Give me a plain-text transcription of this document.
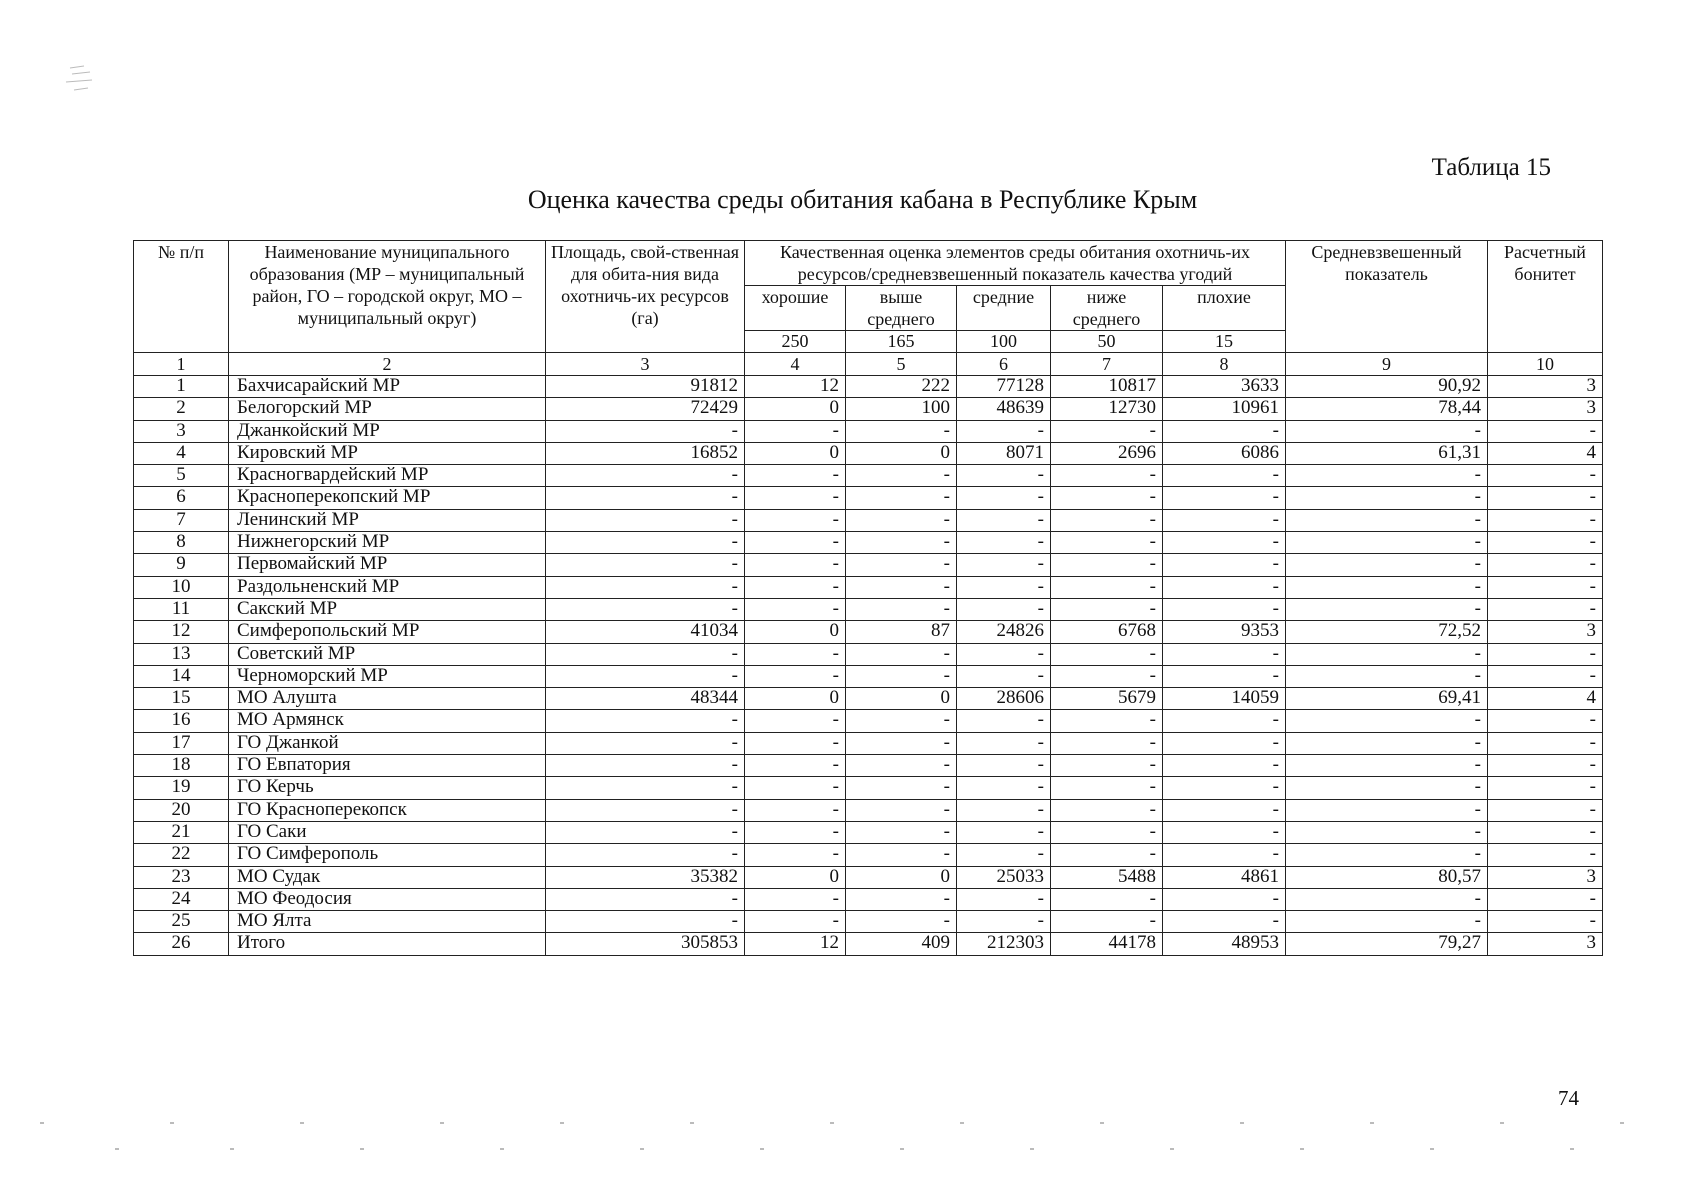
Таблица 15
Оценка качества среды обитания кабана в Республике Крым
№ п/п	Наименование муниципального образования (МР – муниципальный район, ГО – городской округ, МО – муниципальный округ)	Площадь, свой-ственная для обита-ния вида охотничь-их ресурсов (га)	Качественная оценка элементов среды обитания охотничь-их ресурсов/средневзвешенный показатель качества угодий					Средневзвешенный показатель	Расчетный бонитет
			хорошие	выше среднего	средние	ниже среднего	плохие		
			250	165	100	50	15		
1	2	3	4	5	6	7	8	9	10
1	Бахчисарайский МР	91812	12	222	77128	10817	3633	90,92	3
2	Белогорский МР	72429	0	100	48639	12730	10961	78,44	3
3	Джанкойский МР	-	-	-	-	-	-	-	-
4	Кировский МР	16852	0	0	8071	2696	6086	61,31	4
5	Красногвардейский МР	-	-	-	-	-	-	-	-
6	Красноперекопский МР	-	-	-	-	-	-	-	-
7	Ленинский МР	-	-	-	-	-	-	-	-
8	Нижнегорский МР	-	-	-	-	-	-	-	-
9	Первомайский МР	-	-	-	-	-	-	-	-
10	Раздольненский МР	-	-	-	-	-	-	-	-
11	Сакский МР	-	-	-	-	-	-	-	-
12	Симферопольский МР	41034	0	87	24826	6768	9353	72,52	3
13	Советский МР	-	-	-	-	-	-	-	-
14	Черноморский МР	-	-	-	-	-	-	-	-
15	МО Алушта	48344	0	0	28606	5679	14059	69,41	4
16	МО Армянск	-	-	-	-	-	-	-	-
17	ГО Джанкой	-	-	-	-	-	-	-	-
18	ГО Евпатория	-	-	-	-	-	-	-	-
19	ГО Керчь	-	-	-	-	-	-	-	-
20	ГО Красноперекопск	-	-	-	-	-	-	-	-
21	ГО Саки	-	-	-	-	-	-	-	-
22	ГО Симферополь	-	-	-	-	-	-	-	-
23	МО Судак	35382	0	0	25033	5488	4861	80,57	3
24	МО Феодосия	-	-	-	-	-	-	-	-
25	МО Ялта	-	-	-	-	-	-	-	-
26	Итого	305853	12	409	212303	44178	48953	79,27	3
74
